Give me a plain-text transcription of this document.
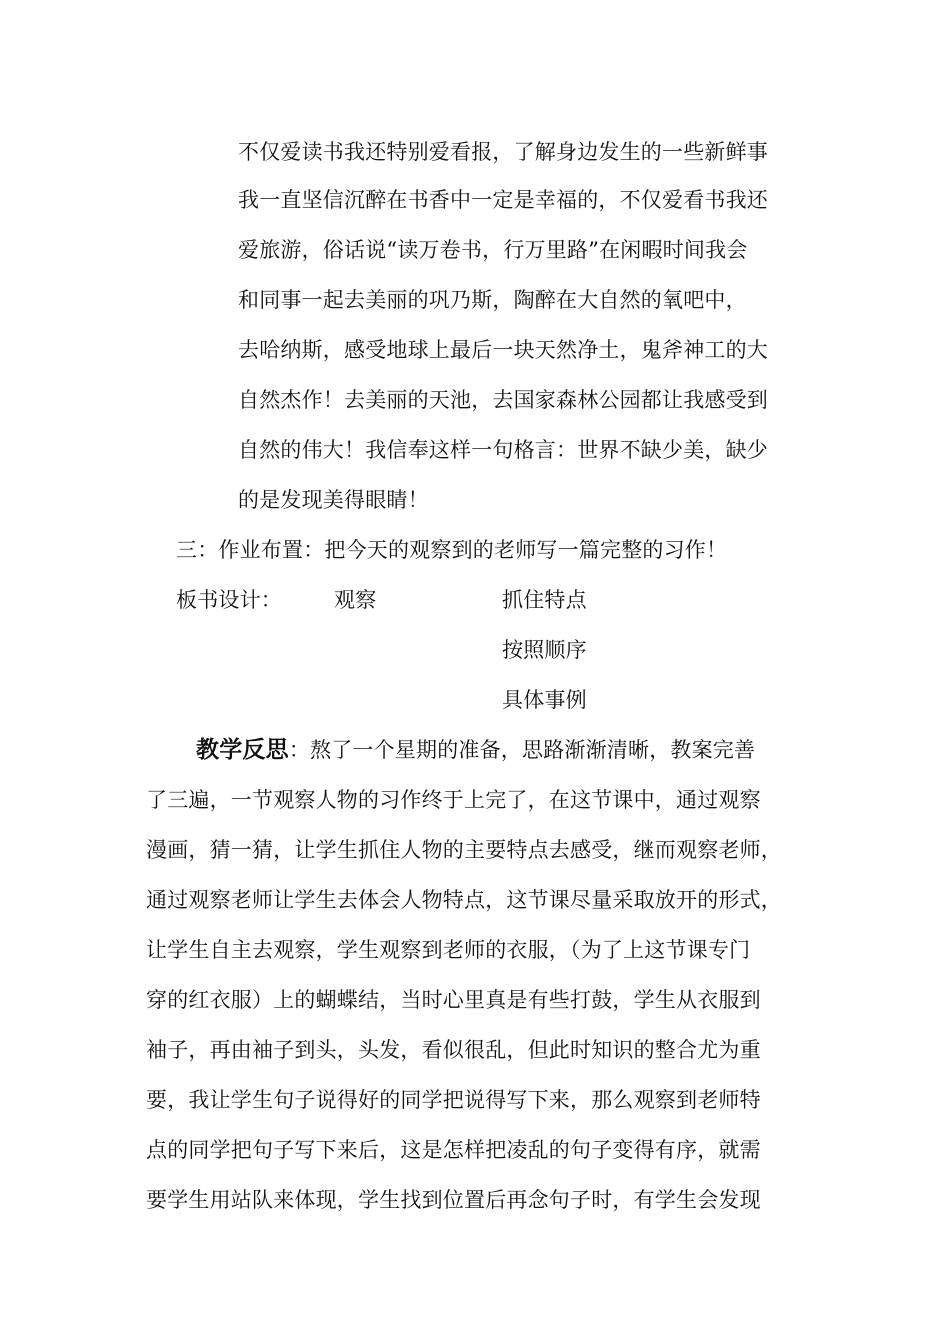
不仅爱读书我还特别爱看报，了解身边发生的一些新鲜事
我一直坚信沉醉在书香中一定是幸福的，不仅爱看书我还
爱旅游，俗话说“读万卷书，行万里路”在闲暇时间我会
和同事一起去美丽的巩乃斯，陶醉在大自然的氧吧中，
去哈纳斯，感受地球上最后一块天然净土，鬼斧神工的大
自然杰作！去美丽的天池，去国家森林公园都让我感受到
自然的伟大！我信奉这样一句格言：世界不缺少美，缺少
的是发现美得眼睛！
三：作业布置：把今天的观察到的老师写一篇完整的习作！
板书设计： 观察	抓住特点
按照顺序
具体事例
教学反思：熬了一个星期的准备，思路渐渐清晰，教案完善
了三遍，一节观察人物的习作终于上完了，在这节课中，通过观察
漫画，猜一猜，让学生抓住人物的主要特点去感受，继而观察老师，
通过观察老师让学生去体会人物特点，这节课尽量采取放开的形式，
让学生自主去观察，学生观察到老师的衣服，（为了上这节课专门
穿的红衣服）上的蝴蝶结，当时心里真是有些打鼓，学生从衣服到
袖子，再由袖子到头，头发，看似很乱，但此时知识的整合尤为重
要，我让学生句子说得好的同学把说得写下来，那么观察到老师特
点的同学把句子写下来后，这是怎样把凌乱的句子变得有序，就需
要学生用站队来体现，学生找到位置后再念句子时，有学生会发现
